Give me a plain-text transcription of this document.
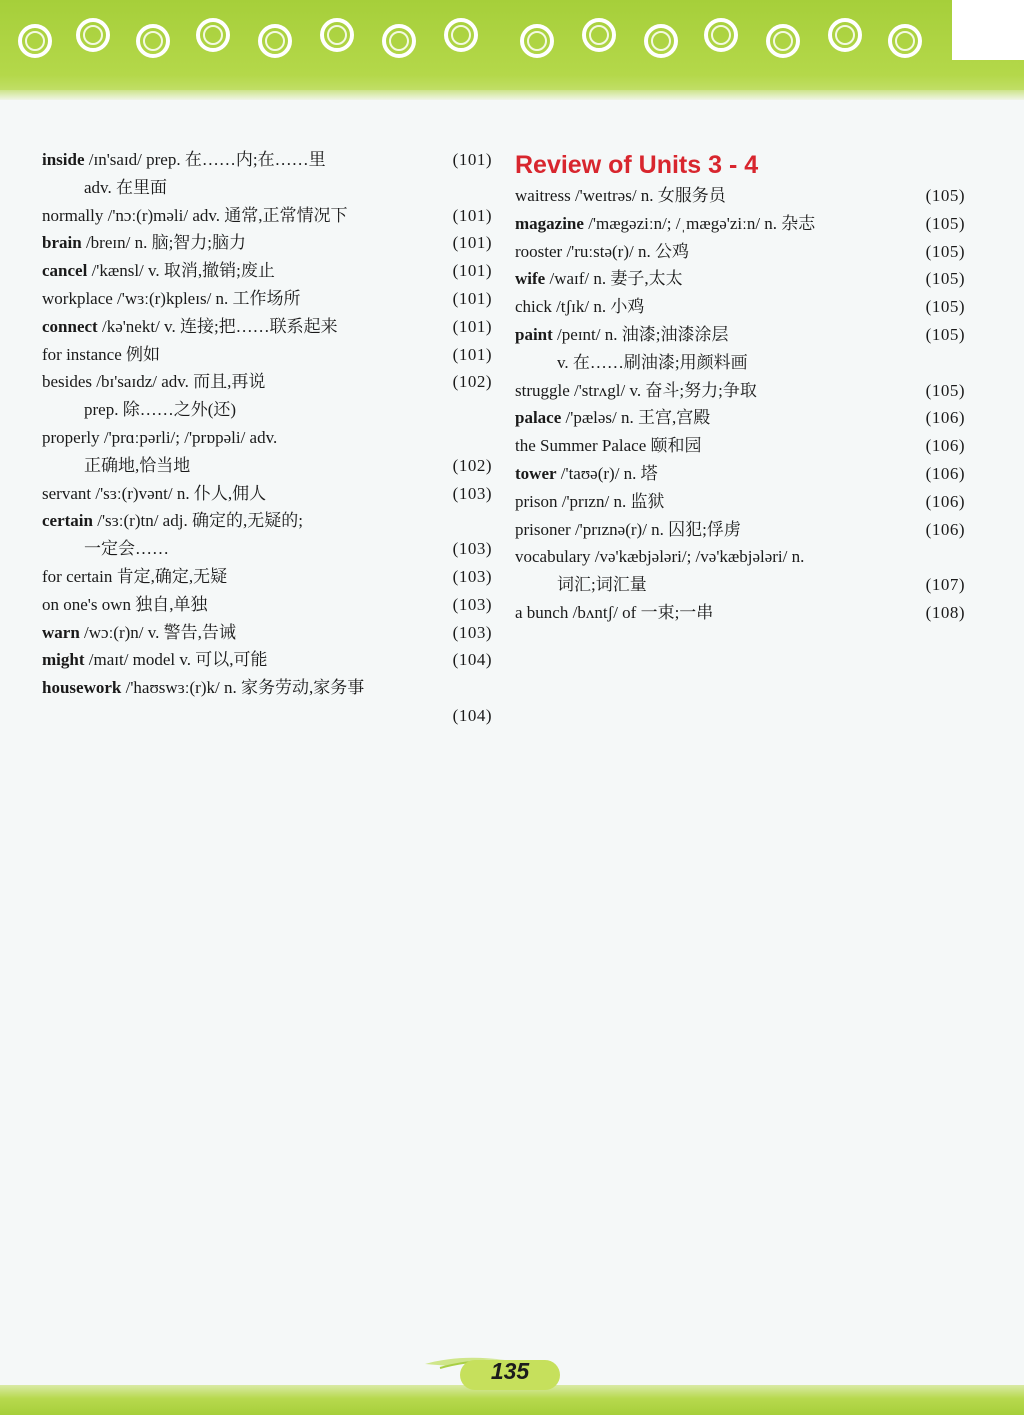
inside /ɪn'saɪd/ prep. 在……内;在……里
adv. 在里面
(101)
normally /'nɔː(r)məli/ adv. 通常,正常情况下	(101)
brain /breɪn/ n. 脑;智力;脑力	(101)
cancel /'kænsl/ v. 取消,撤销;废止	(101)
workplace /'wɜː(r)kpleɪs/ n. 工作场所	(101)
connect /kə'nekt/ v. 连接;把……联系起来	(101)
for instance 例如	(101)
besides /bɪ'saɪdz/ adv. 而且,再说
prep. 除……之外(还)
(102)
properly /'prɑːpərli/; /'prɒpəli/ adv.
正确地,恰当地	(102)
servant /'sɜː(r)vənt/ n. 仆人,佣人	(103)
certain /'sɜː(r)tn/ adj. 确定的,无疑的;
一定会……	(103)
for certain 肯定,确定,无疑	(103)
on one's own 独自,单独	(103)
warn /wɔː(r)n/ v. 警告,告诫	(103)
might /maɪt/ model v. 可以,可能	(104)
housework /'haʊswɜː(r)k/ n. 家务劳动,家务事

(104)
Review of Units 3 - 4
waitress /'weɪtrəs/ n. 女服务员	(105)
magazine /'mægəziːn/; /ˌmægə'ziːn/ n. 杂志	(105)
rooster /'ruːstə(r)/ n. 公鸡	(105)
wife /waɪf/ n. 妻子,太太	(105)
chick /tʃɪk/ n. 小鸡	(105)
paint /peɪnt/ n. 油漆;油漆涂层
v. 在……刷油漆;用颜料画
(105)
struggle /'strʌgl/ v. 奋斗;努力;争取	(105)
palace /'pæləs/ n. 王宫,宫殿	(106)
the Summer Palace 颐和园	(106)
tower /'taʊə(r)/ n. 塔	(106)
prison /'prɪzn/ n. 监狱	(106)
prisoner /'prɪznə(r)/ n. 囚犯;俘虏	(106)
vocabulary /və'kæbjələri/; /və'kæbjələri/ n.
词汇;词汇量	(107)
a bunch /bʌntʃ/ of 一束;一串	(108)
135
